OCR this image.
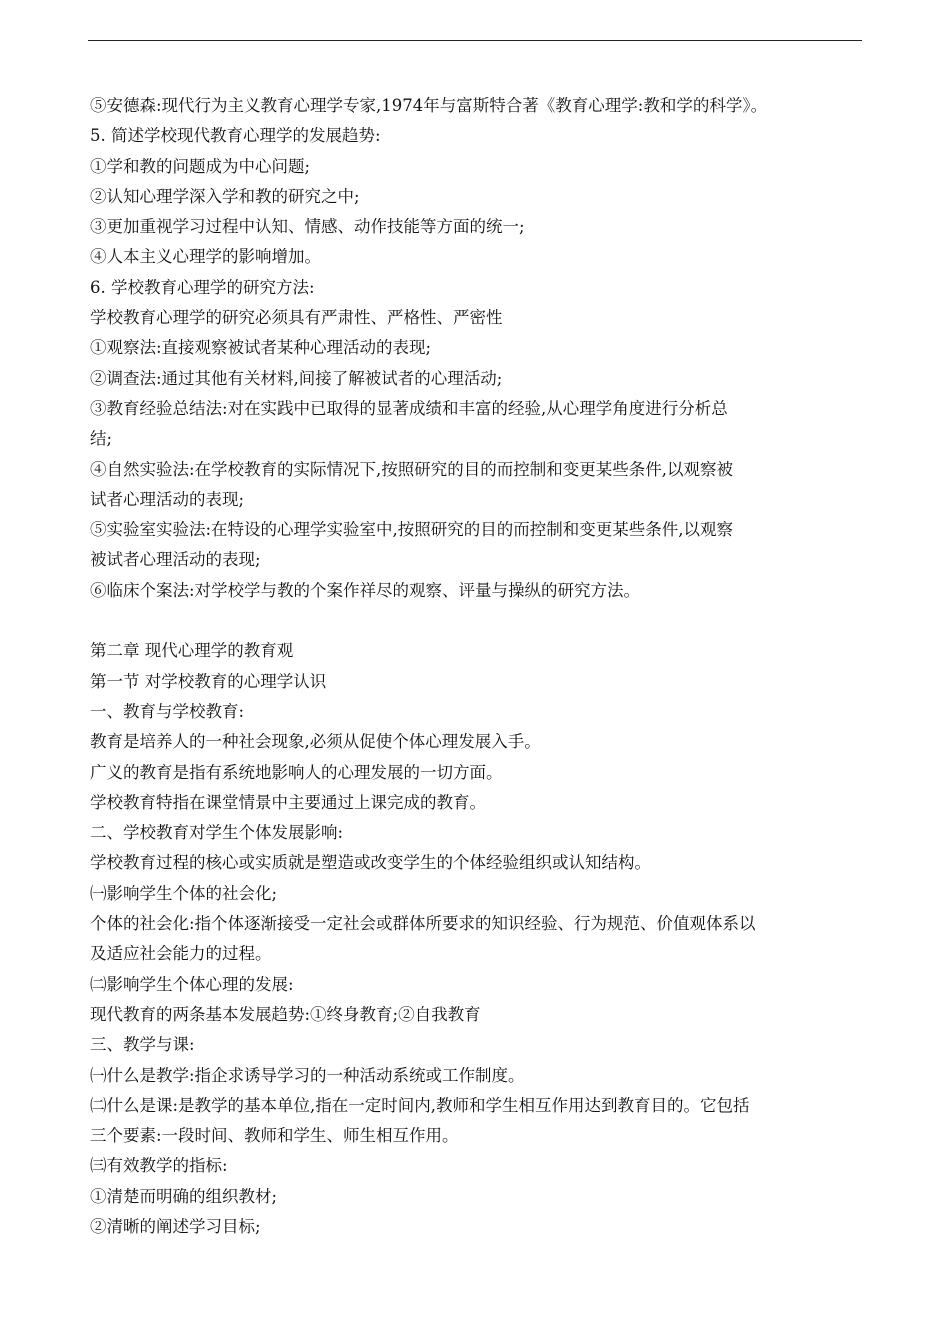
⑤安德森:现代行为主义教育心理学专家,1974年与富斯特合著《教育心理学:教和学的科学》。
5. 简述学校现代教育心理学的发展趋势:
①学和教的问题成为中心问题;
②认知心理学深入学和教的研究之中;
③更加重视学习过程中认知、情感、动作技能等方面的统一;
④人本主义心理学的影响增加。
6. 学校教育心理学的研究方法:
学校教育心理学的研究必须具有严肃性、严格性、严密性
①观察法:直接观察被试者某种心理活动的表现;
②调查法:通过其他有关材料,间接了解被试者的心理活动;
③教育经验总结法:对在实践中已取得的显著成绩和丰富的经验,从心理学角度进行分析总
结;
④自然实验法:在学校教育的实际情况下,按照研究的目的而控制和变更某些条件,以观察被
试者心理活动的表现;
⑤实验室实验法:在特设的心理学实验室中,按照研究的目的而控制和变更某些条件,以观察
被试者心理活动的表现;
⑥临床个案法:对学校学与教的个案作祥尽的观察、评量与操纵的研究方法。
第二章 现代心理学的教育观
第一节 对学校教育的心理学认识
一、教育与学校教育:
教育是培养人的一种社会现象,必须从促使个体心理发展入手。
广义的教育是指有系统地影响人的心理发展的一切方面。
学校教育特指在课堂情景中主要通过上课完成的教育。
二、学校教育对学生个体发展影响:
学校教育过程的核心或实质就是塑造或改变学生的个体经验组织或认知结构。
㈠影响学生个体的社会化;
个体的社会化:指个体逐渐接受一定社会或群体所要求的知识经验、行为规范、价值观体系以
及适应社会能力的过程。
㈡影响学生个体心理的发展:
现代教育的两条基本发展趋势:①终身教育;②自我教育
三、教学与课:
㈠什么是教学:指企求诱导学习的一种活动系统或工作制度。
㈡什么是课:是教学的基本单位,指在一定时间内,教师和学生相互作用达到教育目的。它包括
三个要素:一段时间、教师和学生、师生相互作用。
㈢有效教学的指标:
①清楚而明确的组织教材;
②清晰的阐述学习目标;
